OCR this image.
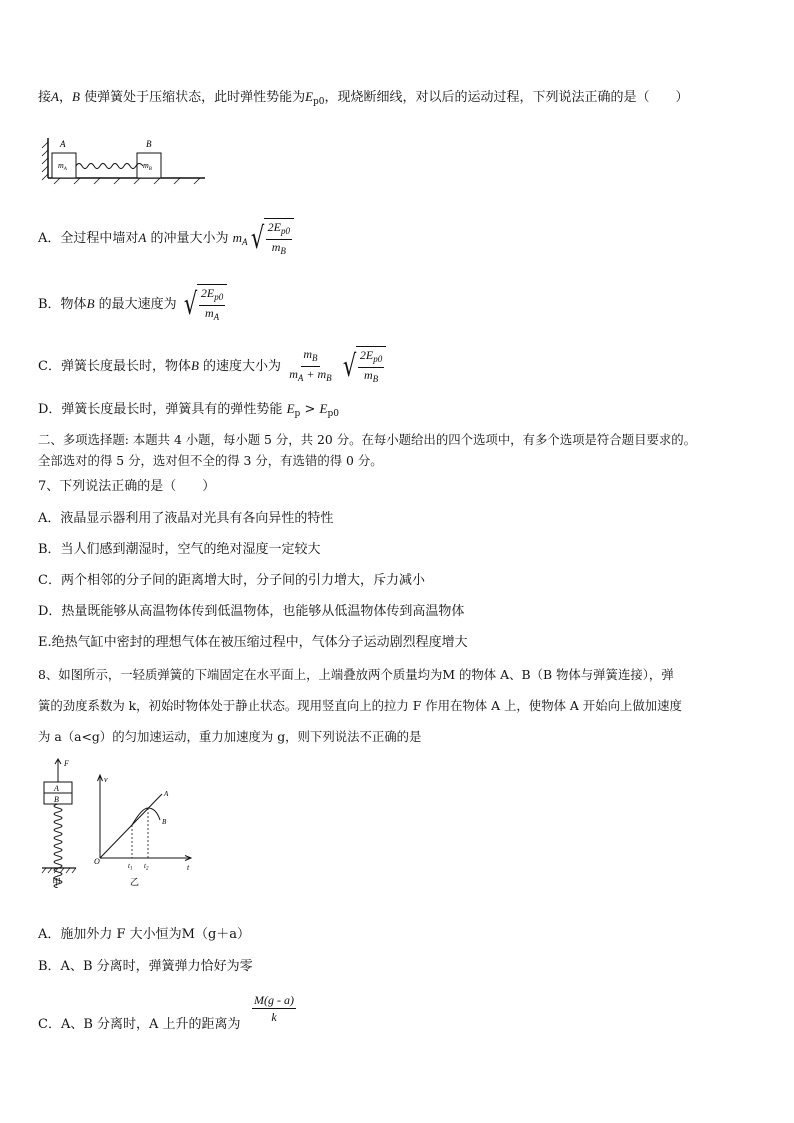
接A，B 使弹簧处于压缩状态，此时弹性势能为$E_{p0}$，现烧断细线，对以后的运动过程，下列说法正确的是（　　）
A	B
$m_A$	$m_B$
A．全过程中墙对A 的冲量大小为 $m_A$ √ $\frac{2E_{p0}}{m_B}$
B．物体B 的最大速度为 √ $\frac{2E_{p0}}{m_A}$
C．弹簧长度最长时，物体B 的速度大小为 $\frac{m_B}{m_A + m_B}$
√ $\frac{2E_{p0}}{m_B}$
D．弹簧长度最长时，弹簧具有的弹性势能 $E_p > E_{p0}$
二、多项选择题: 本题共 4 小题，每小题 5 分，共 20 分。在每小题给出的四个选项中，有多个选项是符合题目要求的。
全部选对的得 5 分，选对但不全的得 3 分，有选错的得 0 分。
7、下列说法正确的是（　　）
A．液晶显示器利用了液晶对光具有各向异性的特性
B．当人们感到潮湿时，空气的绝对湿度一定较大
C．两个相邻的分子间的距离增大时，分子间的引力增大，斥力减小
D．热量既能够从高温物体传到低温物体，也能够从低温物体传到高温物体
E.绝热气缸中密封的理想气体在被压缩过程中，气体分子运动剧烈程度增大
8、如图所示，一轻质弹簧的下端固定在水平面上，上端叠放两个质量均为M 的物体 A、B（B 物体与弹簧连接），弹
簧的劲度系数为 k，初始时物体处于静止状态。现用竖直向上的拉力 F 作用在物体 A 上，使物体 A 开始向上做加速度
为 a（a<g）的匀加速运动，重力加速度为 g，则下列说法不正确的是
F
A
B
甲
v
O
t
A
B
$t_1$ $t_2$
乙
A．施加外力 F 大小恒为M（g＋a）
B．A、B 分离时，弹簧弹力恰好为零
C．A、B 分离时，A 上升的距离为
M(g - a)
k
